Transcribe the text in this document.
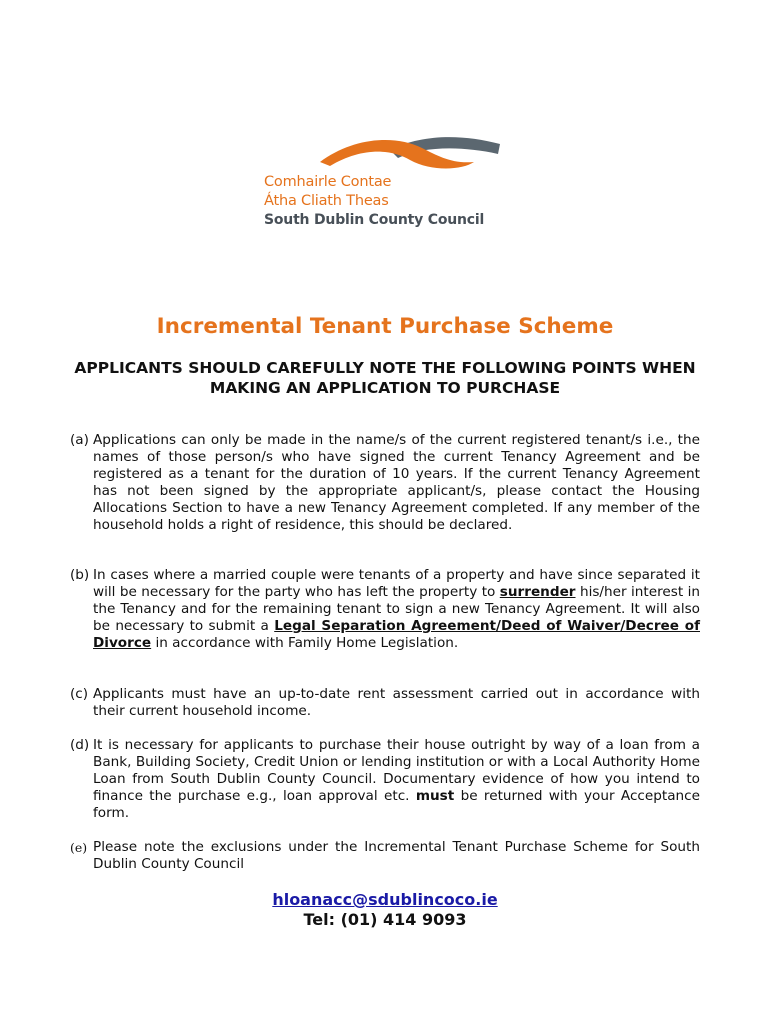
Comhairle Contae
Átha Cliath Theas
South Dublin County Council
Incremental Tenant Purchase Scheme
APPLICANTS SHOULD CAREFULLY NOTE THE FOLLOWING POINTS WHEN MAKING AN APPLICATION TO PURCHASE
(a) Applications can only be made in the name/s of the current registered tenant/s i.e., the names of those person/s who have signed the current Tenancy Agreement and be registered as a tenant for the duration of 10 years. If the current Tenancy Agreement has not been signed by the appropriate applicant/s, please contact the Housing Allocations Section to have a new Tenancy Agreement completed. If any member of the household holds a right of residence, this should be declared.
(b) In cases where a married couple were tenants of a property and have since separated it will be necessary for the party who has left the property to surrender his/her interest in the Tenancy and for the remaining tenant to sign a new Tenancy Agreement. It will also be necessary to submit a Legal Separation Agreement/Deed of Waiver/Decree of Divorce in accordance with Family Home Legislation.
(c) Applicants must have an up-to-date rent assessment carried out in accordance with their current household income.
(d) It is necessary for applicants to purchase their house outright by way of a loan from a Bank, Building Society, Credit Union or lending institution or with a Local Authority Home Loan from South Dublin County Council. Documentary evidence of how you intend to finance the purchase e.g., loan approval etc. must be returned with your Acceptance form.
(e) Please note the exclusions under the Incremental Tenant Purchase Scheme for South Dublin County Council
hloanacc@sdublincoco.ie
Tel: (01) 414 9093
